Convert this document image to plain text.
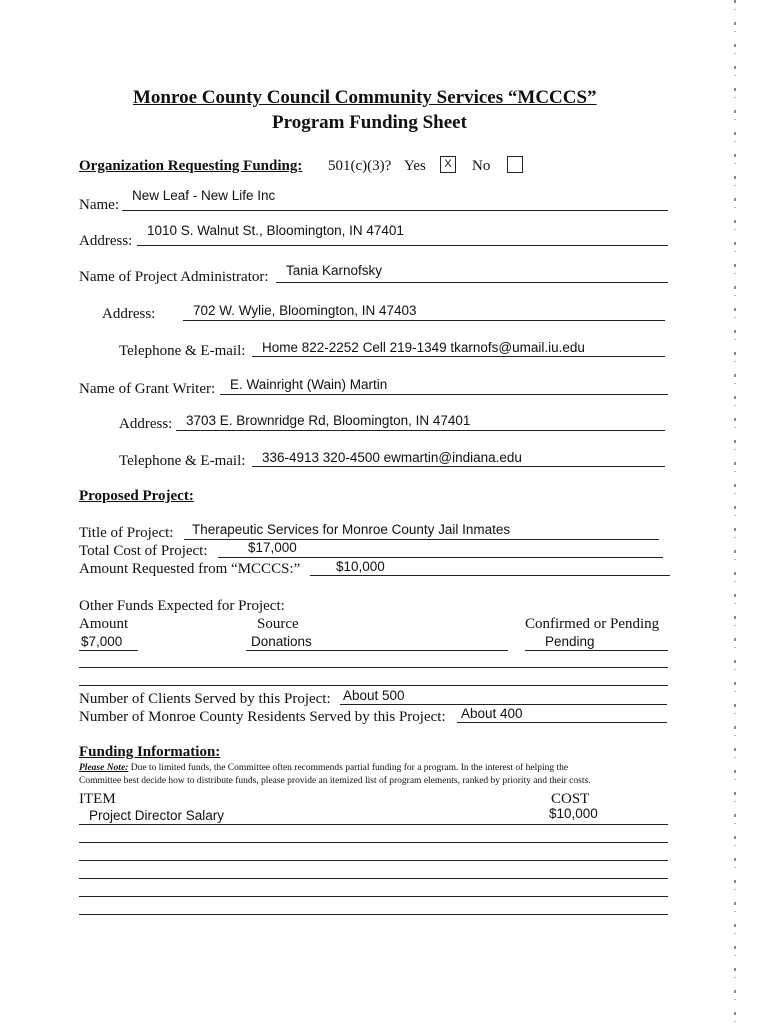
Monroe County Council Community Services “MCCCS”
Program Funding Sheet
Organization Requesting Funding: 501(c)(3)? Yes	X No
Name:
New Leaf - New Life Inc
Address:
1010 S. Walnut St., Bloomington, IN 47401
Name of Project Administrator: Tania Karnofsky
Address:	702 W. Wylie, Bloomington, IN 47403
Telephone & E-mail: Home 822-2252 Cell 219-1349 tkarnofs@umail.iu.edu
Name of Grant Writer: E. Wainright (Wain) Martin
Address: 3703 E. Brownridge Rd, Bloomington, IN 47401
Telephone & E-mail: 336-4913 320-4500 ewmartin@indiana.edu
Proposed Project:
Title of Project: Therapeutic Services for Monroe County Jail Inmates
Total Cost of Project:	$17,000
Amount Requested from “MCCCS:”	$10,000
Other Funds Expected for Project:
Amount	Source	Confirmed or Pending
$7,000	Donations	Pending
Number of Clients Served by this Project: About 500
Number of Monroe County Residents Served by this Project: About 400
Funding Information:
Please Note: Due to limited funds, the Committee often recommends partial funding for a program. In the interest of helping the
Committee best decide how to distribute funds, please provide an itemized list of program elements, ranked by priority and their costs.
ITEM	COST
Project Director Salary	$10,000
